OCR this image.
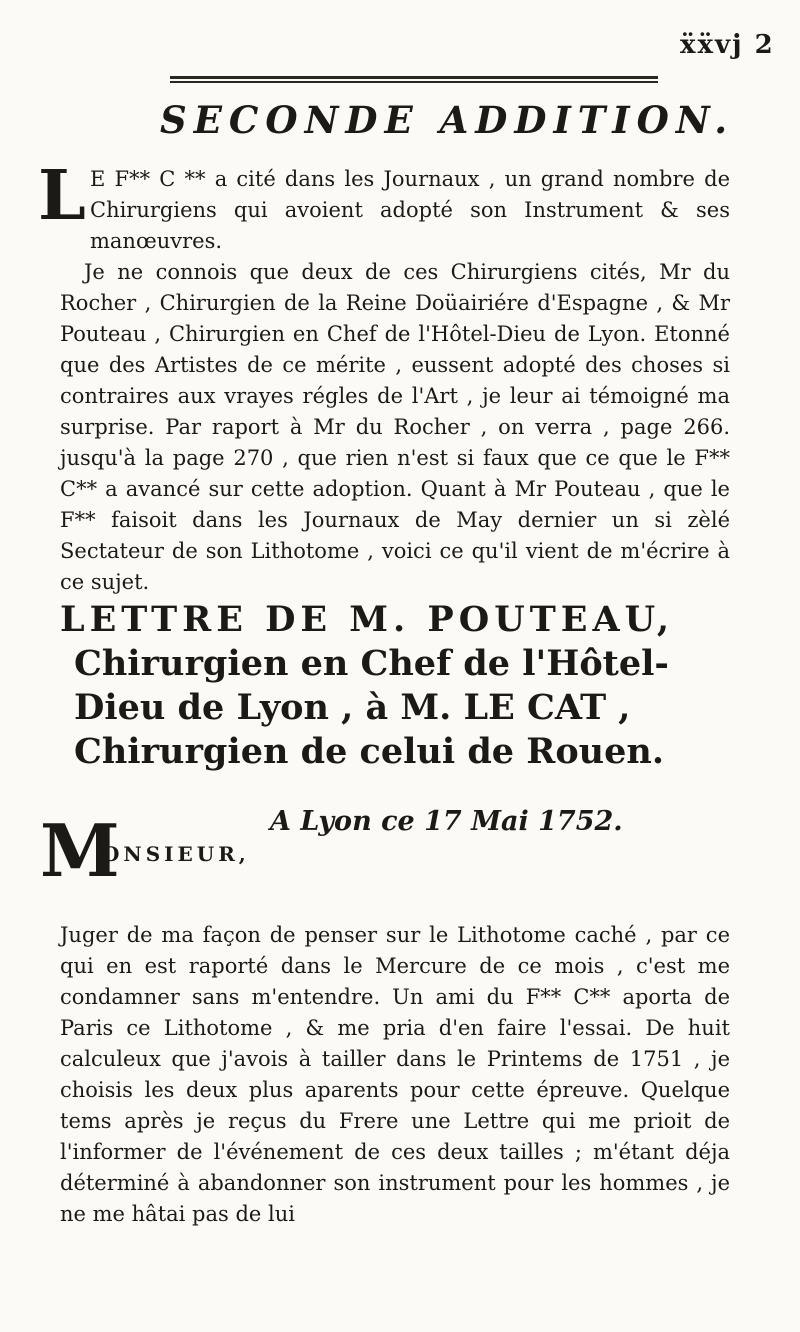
ẍẍvj 2
SECONDE ADDITION.
L E F** C ** a cité dans les Journaux , un grand nombre de Chirurgiens qui avoient adopté son Instrument & ses manœuvres.

Je ne connois que deux de ces Chirurgiens cités, Mr du Rocher , Chirurgien de la Reine Doüairiére d'Espagne , & Mr Pouteau , Chirurgien en Chef de l'Hôtel-Dieu de Lyon. Etonné que des Artistes de ce mérite , eussent adopté des choses si contraires aux vrayes régles de l'Art , je leur ai témoigné ma surprise. Par raport à Mr du Rocher , on verra , page 266. jusqu'à la page 270 , que rien n'est si faux que ce que le F** C** a avancé sur cette adoption. Quant à Mr Pouteau , que le F** faisoit dans les Journaux de May dernier un si zèlé Sectateur de son Lithotome , voici ce qu'il vient de m'écrire à ce sujet.

LETTRE DE M. POUTEAU,
Chirurgien en Chef de l'Hôtel-Dieu de Lyon , à M. LE CAT , Chirurgien de celui de Rouen.
A Lyon ce 17 Mai 1752.
M
ONSIEUR,

Juger de ma façon de penser sur le Lithotome caché , par ce qui en est raporté dans le Mercure de ce mois , c'est me condamner sans m'entendre. Un ami du F** C** aporta de Paris ce Lithotome , & me pria d'en faire l'essai. De huit calculeux que j'avois à tailler dans le Printems de 1751 , je choisis les deux plus aparents pour cette épreuve. Quelque tems après je reçus du Frere une Lettre qui me prioit de l'informer de l'événement de ces deux tailles ; m'étant déja déterminé à abandonner son instrument pour les hommes , je ne me hâtai pas de lui
